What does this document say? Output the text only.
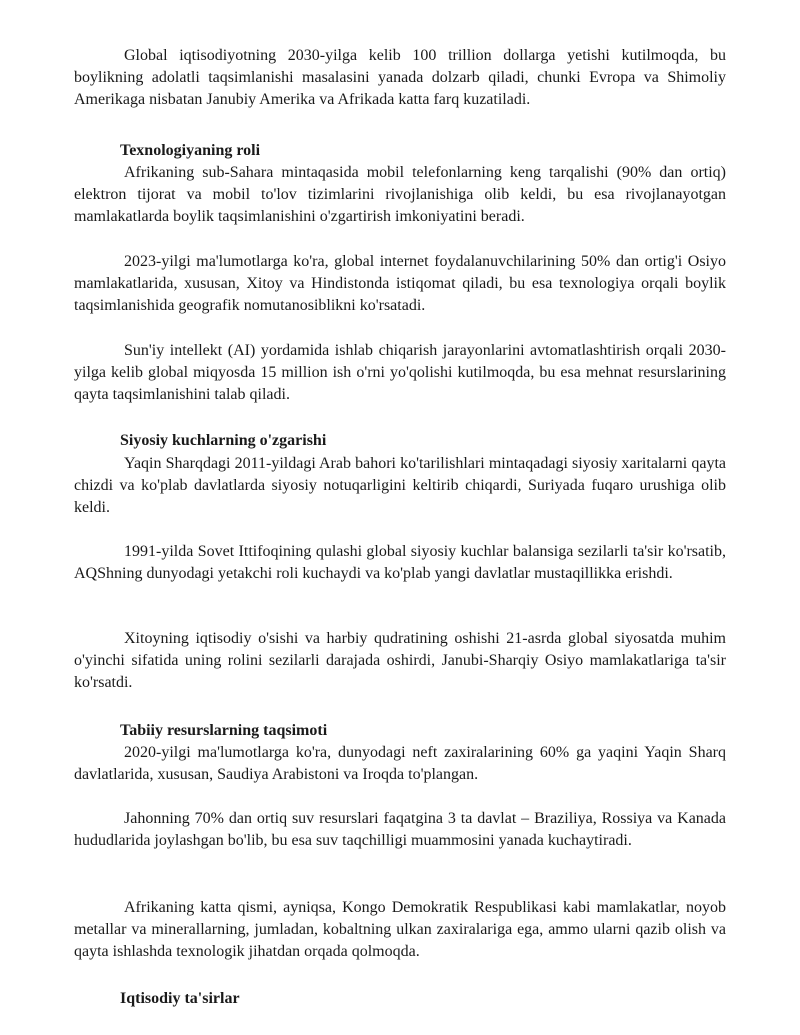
Global iqtisodiyotning 2030-yilga kelib 100 trillion dollarga yetishi kutilmoqda, bu boylikning adolatli taqsimlanishi masalasini yanada dolzarb qiladi, chunki Evropa va Shimoliy Amerikaga nisbatan Janubiy Amerika va Afrikada katta farq kuzatiladi.

Texnologiyaning roli

Afrikaning sub-Sahara mintaqasida mobil telefonlarning keng tarqalishi (90% dan ortiq) elektron tijorat va mobil to'lov tizimlarini rivojlanishiga olib keldi, bu esa rivojlanayotgan mamlakatlarda boylik taqsimlanishini o'zgartirish imkoniyatini beradi.

2023-yilgi ma'lumotlarga ko'ra, global internet foydalanuvchilarining 50% dan ortig'i Osiyo mamlakatlarida, xususan, Xitoy va Hindistonda istiqomat qiladi, bu esa texnologiya orqali boylik taqsimlanishida geografik nomutanosiblikni ko'rsatadi.

Sun'iy intellekt (AI) yordamida ishlab chiqarish jarayonlarini avtomatlashtirish orqali 2030-yilga kelib global miqyosda 15 million ish o'rni yo'qolishi kutilmoqda, bu esa mehnat resurslarining qayta taqsimlanishini talab qiladi.

Siyosiy kuchlarning o'zgarishi

Yaqin Sharqdagi 2011-yildagi Arab bahori ko'tarilishlari mintaqadagi siyosiy xaritalarni qayta chizdi va ko'plab davlatlarda siyosiy notuqarligini keltirib chiqardi, Suriyada fuqaro urushiga olib keldi.

1991-yilda Sovet Ittifoqining qulashi global siyosiy kuchlar balansiga sezilarli ta'sir ko'rsatib, AQShning dunyodagi yetakchi roli kuchaydi va ko'plab yangi davlatlar mustaqillikka erishdi.

Xitoyning iqtisodiy o'sishi va harbiy qudratining oshishi 21-asrda global siyosatda muhim o'yinchi sifatida uning rolini sezilarli darajada oshirdi, Janubi-Sharqiy Osiyo mamlakatlariga ta'sir ko'rsatdi.

Tabiiy resurslarning taqsimoti

2020-yilgi ma'lumotlarga ko'ra, dunyodagi neft zaxiralarining 60% ga yaqini Yaqin Sharq davlatlarida, xususan, Saudiya Arabistoni va Iroqda to'plangan.

Jahonning 70% dan ortiq suv resurslari faqatgina 3 ta davlat – Braziliya, Rossiya va Kanada hududlarida joylashgan bo'lib, bu esa suv taqchilligi muammosini yanada kuchaytiradi.

Afrikaning katta qismi, ayniqsa, Kongo Demokratik Respublikasi kabi mamlakatlar, noyob metallar va minerallarning, jumladan, kobaltning ulkan zaxiralariga ega, ammo ularni qazib olish va qayta ishlashda texnologik jihatdan orqada qolmoqda.

Iqtisodiy ta'sirlar
